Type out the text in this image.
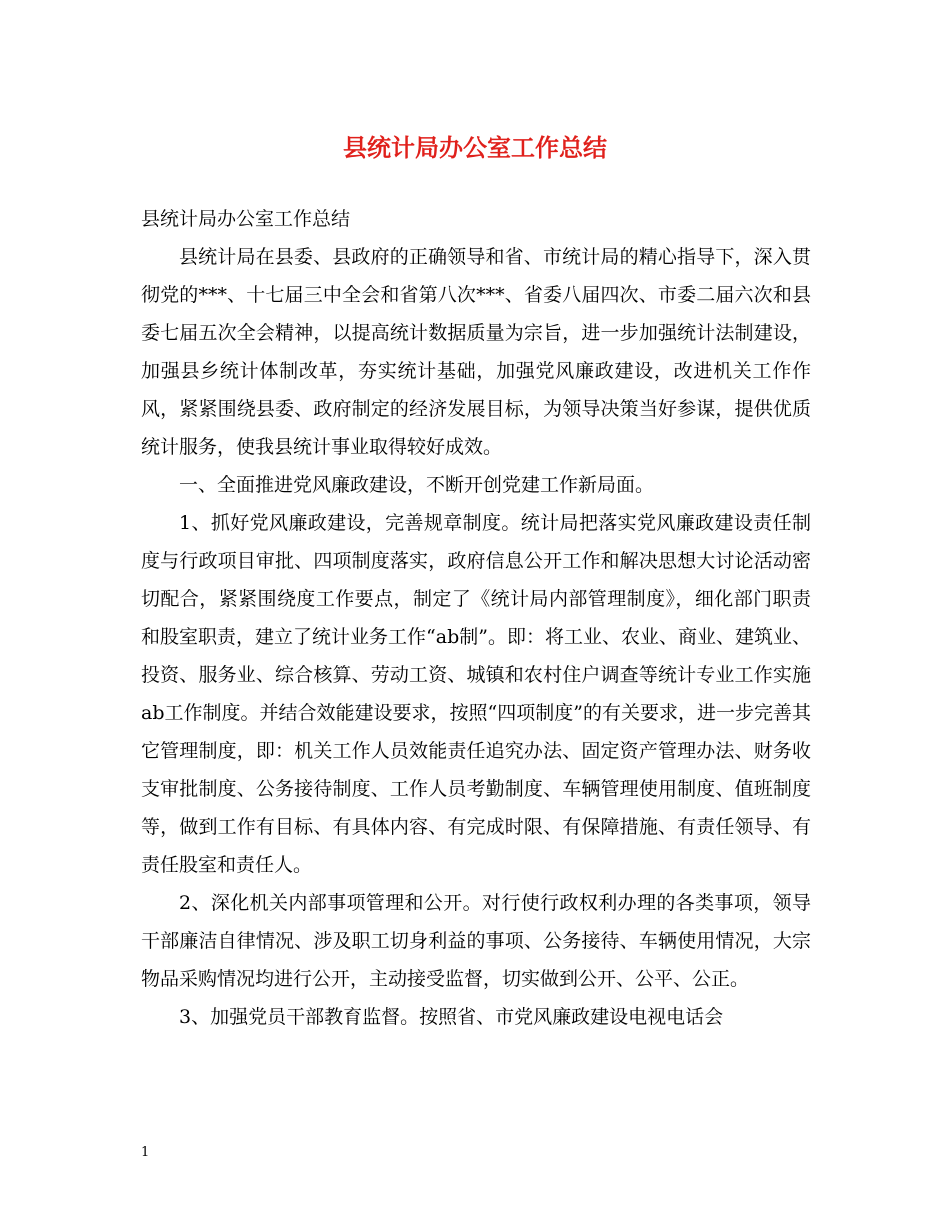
县统计局办公室工作总结

县统计局办公室工作总结

县统计局在县委、县政府的正确领导和省、市统计局的精心指导下，深入贯彻党的***、十七届三中全会和省第八次***、省委八届四次、市委二届六次和县委七届五次全会精神，以提高统计数据质量为宗旨，进一步加强统计法制建设，加强县乡统计体制改革，夯实统计基础，加强党风廉政建设，改进机关工作作风，紧紧围绕县委、政府制定的经济发展目标，为领导决策当好参谋，提供优质统计服务，使我县统计事业取得较好成效。

一、全面推进党风廉政建设，不断开创党建工作新局面。

1、抓好党风廉政建设，完善规章制度。统计局把落实党风廉政建设责任制度与行政项目审批、四项制度落实，政府信息公开工作和解决思想大讨论活动密切配合，紧紧围绕度工作要点，制定了《统计局内部管理制度》，细化部门职责和股室职责，建立了统计业务工作“ab制”。即：将工业、农业、商业、建筑业、投资、服务业、综合核算、劳动工资、城镇和农村住户调查等统计专业工作实施ab工作制度。并结合效能建设要求，按照“四项制度”的有关要求，进一步完善其它管理制度，即：机关工作人员效能责任追究办法、固定资产管理办法、财务收支审批制度、公务接待制度、工作人员考勤制度、车辆管理使用制度、值班制度等，做到工作有目标、有具体内容、有完成时限、有保障措施、有责任领导、有责任股室和责任人。

2、深化机关内部事项管理和公开。对行使行政权利办理的各类事项，领导干部廉洁自律情况、涉及职工切身利益的事项、公务接待、车辆使用情况，大宗物品采购情况均进行公开，主动接受监督，切实做到公开、公平、公正。

3、加强党员干部教育监督。按照省、市党风廉政建设电视电话会

1
